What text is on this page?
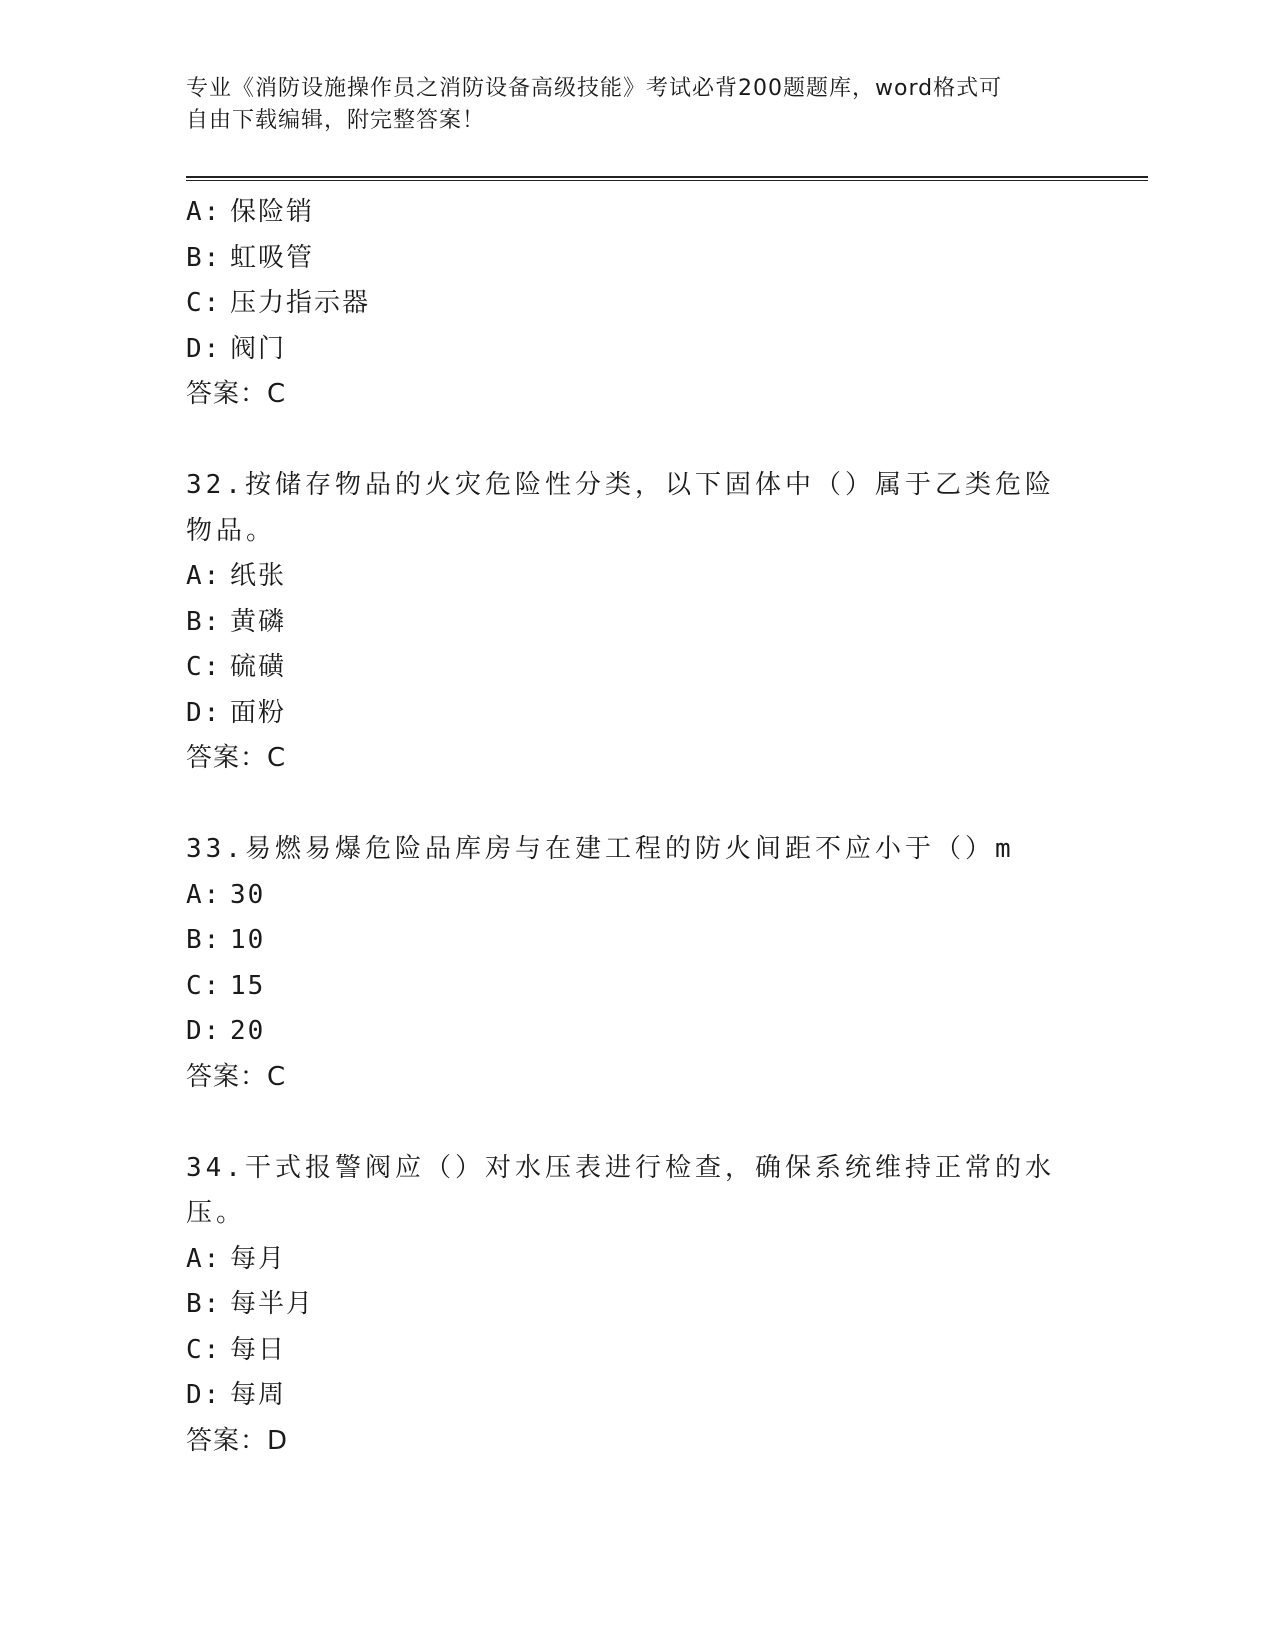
专业《消防设施操作员之消防设备高级技能》考试必背200题题库，word格式可
自由下载编辑，附完整答案！
A: 保险销
B: 虹吸管
C: 压力指示器
D: 阀门
答案：C
32.按储存物品的火灾危险性分类，以下固体中（）属于乙类危险物品。
A: 纸张
B: 黄磷
C: 硫磺
D: 面粉
答案：C
33.易燃易爆危险品库房与在建工程的防火间距不应小于（）m
A: 30
B: 10
C: 15
D: 20
答案：C
34.干式报警阀应（）对水压表进行检查，确保系统维持正常的水压。
A: 每月
B: 每半月
C: 每日
D: 每周
答案：D
